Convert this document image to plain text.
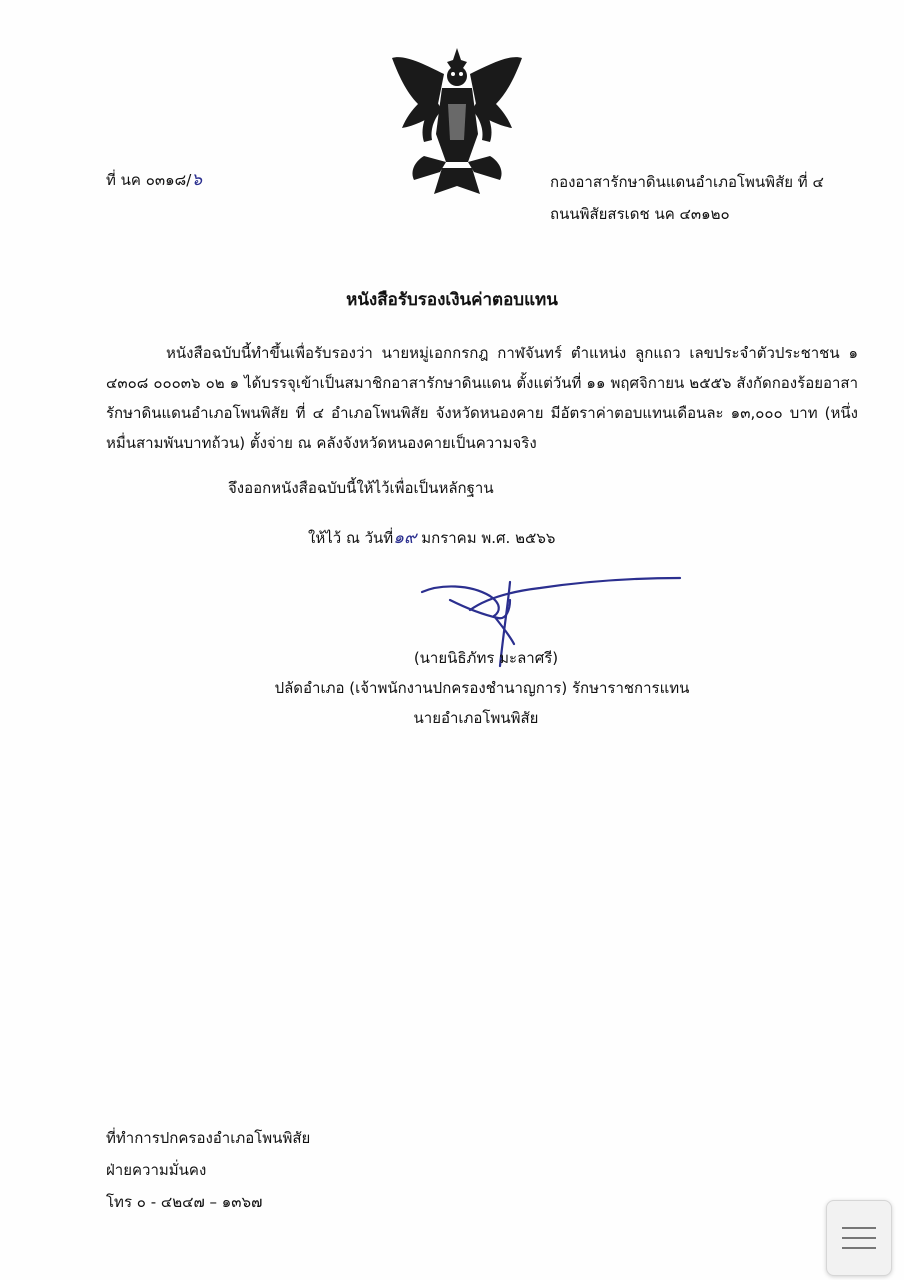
ที่ นค ๐๓๑๘/๖	กองอาสารักษาดินแดนอำเภอโพนพิสัย ที่ ๔
ถนนพิสัยสรเดช นค ๔๓๑๒๐
หนังสือรับรองเงินค่าตอบแทน
หนังสือฉบับนี้ทำขึ้นเพื่อรับรองว่า นายหมู่เอกกรกฎ กาฬจันทร์ ตำแหน่ง ลูกแถว เลขประจำตัวประชาชน ๑ ๔๓๐๘ ๐๐๐๓๖ ๐๒ ๑ ได้บรรจุเข้าเป็นสมาชิกอาสารักษาดินแดน ตั้งแต่วันที่ ๑๑ พฤศจิกายน ๒๕๕๖ สังกัดกองร้อยอาสารักษาดินแดนอำเภอโพนพิสัย ที่ ๔ อำเภอโพนพิสัย จังหวัดหนองคาย มีอัตราค่าตอบแทนเดือนละ ๑๓,๐๐๐ บาท (หนึ่งหมื่นสามพันบาทถ้วน) ตั้งจ่าย ณ คลังจังหวัดหนองคายเป็นความจริง
จึงออกหนังสือฉบับนี้ให้ไว้เพื่อเป็นหลักฐาน
ให้ไว้ ณ วันที่๑๙ มกราคม พ.ศ. ๒๕๖๖
(นายนิธิภัทร มะลาศรี)
ปลัดอำเภอ (เจ้าพนักงานปกครองชำนาญการ) รักษาราชการแทน
นายอำเภอโพนพิสัย
ที่ทำการปกครองอำเภอโพนพิสัย
ฝ่ายความมั่นคง
โทร ๐ - ๔๒๔๗ – ๑๓๖๗
